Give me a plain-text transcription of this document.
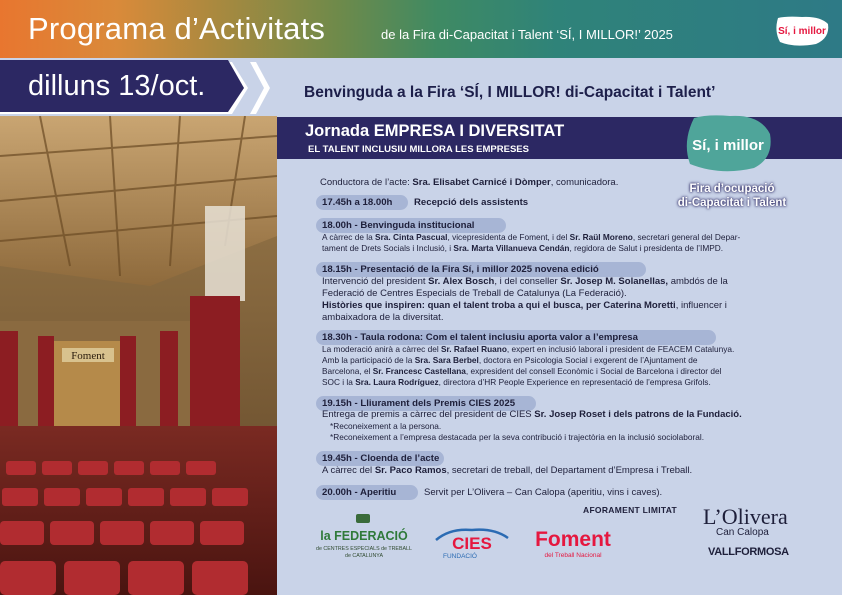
Programa d’Activitats	de la Fira di-Capacitat i Talent ‘SÍ, I MILLOR!’ 2025	Sí, i millor
dilluns 13/oct.	Benvinguda a la Fira ‘SÍ, I MILLOR! di-Capacitat i Talent’
Foment
Jornada EMPRESA I DIVERSITAT
EL TALENT INCLUSIU MILLORA LES EMPRESES	Sí, i millor
Fira d’ocupació
di-Capacitat i Talent
Conductora de l’acte: Sra. Elisabet Carnicé i Dòmper, comunicadora.
17.45h a 18.00h Recepció dels assistents
18.00h - Benvinguda institucional
A càrrec de la Sra. Cinta Pascual, vicepresidenta de Foment, i del Sr. Raül Moreno, secretari general del Depar-
tament de Drets Socials i Inclusió, i Sra. Marta Villanueva Cendán, regidora de Salut i presidenta de l’IMPD.
18.15h - Presentació de la Fira Sí, i millor 2025 novena edició
Intervenció del president Sr. Alex Bosch, i del conseller Sr. Josep M. Solanellas, ambdós de la
Federació de Centres Especials de Treball de Catalunya (La Federació).
Històries que inspiren: quan el talent troba a qui el busca, per Caterina Moretti, influencer i
ambaixadora de la diversitat.
18.30h - Taula rodona: Com el talent inclusiu aporta valor a l’empresa
La moderació anirà a càrrec del Sr. Rafael Ruano, expert en inclusió laboral i president de FEACEM Catalunya.
Amb la participació de la Sra. Sara Berbel, doctora en Psicologia Social i exgerent de l’Ajuntament de
Barcelona, el Sr. Francesc Castellana, expresident del consell Econòmic i Social de Barcelona i director del
SOC i la Sra. Laura Rodríguez, directora d’HR People Experience en representació de l’empresa Grifols.
19.15h - Lliurament dels Premis CIES 2025
Entrega de premis a càrrec del president de CIES Sr. Josep Roset i dels patrons de la Fundació.
*Reconeixement a la persona.
*Reconeixement a l’empresa destacada per la seva contribució i trajectòria en la inclusió sociolaboral.
19.45h - Cloenda de l’acte
A càrrec del Sr. Paco Ramos, secretari de treball, del Departament d’Empresa i Treball.
20.00h - Aperitiu	Servit per L’Olivera – Can Calopa (aperitiu, vins i caves).
AFORAMENT LIMITAT
la FEDERACIÓ
de CENTRES ESPECIALS de TREBALL
de CATALUNYA
CIES
FUNDACIÓ
Foment
del Treball Nacional
L’Olivera
Can Calopa
VALLFORMOSA
